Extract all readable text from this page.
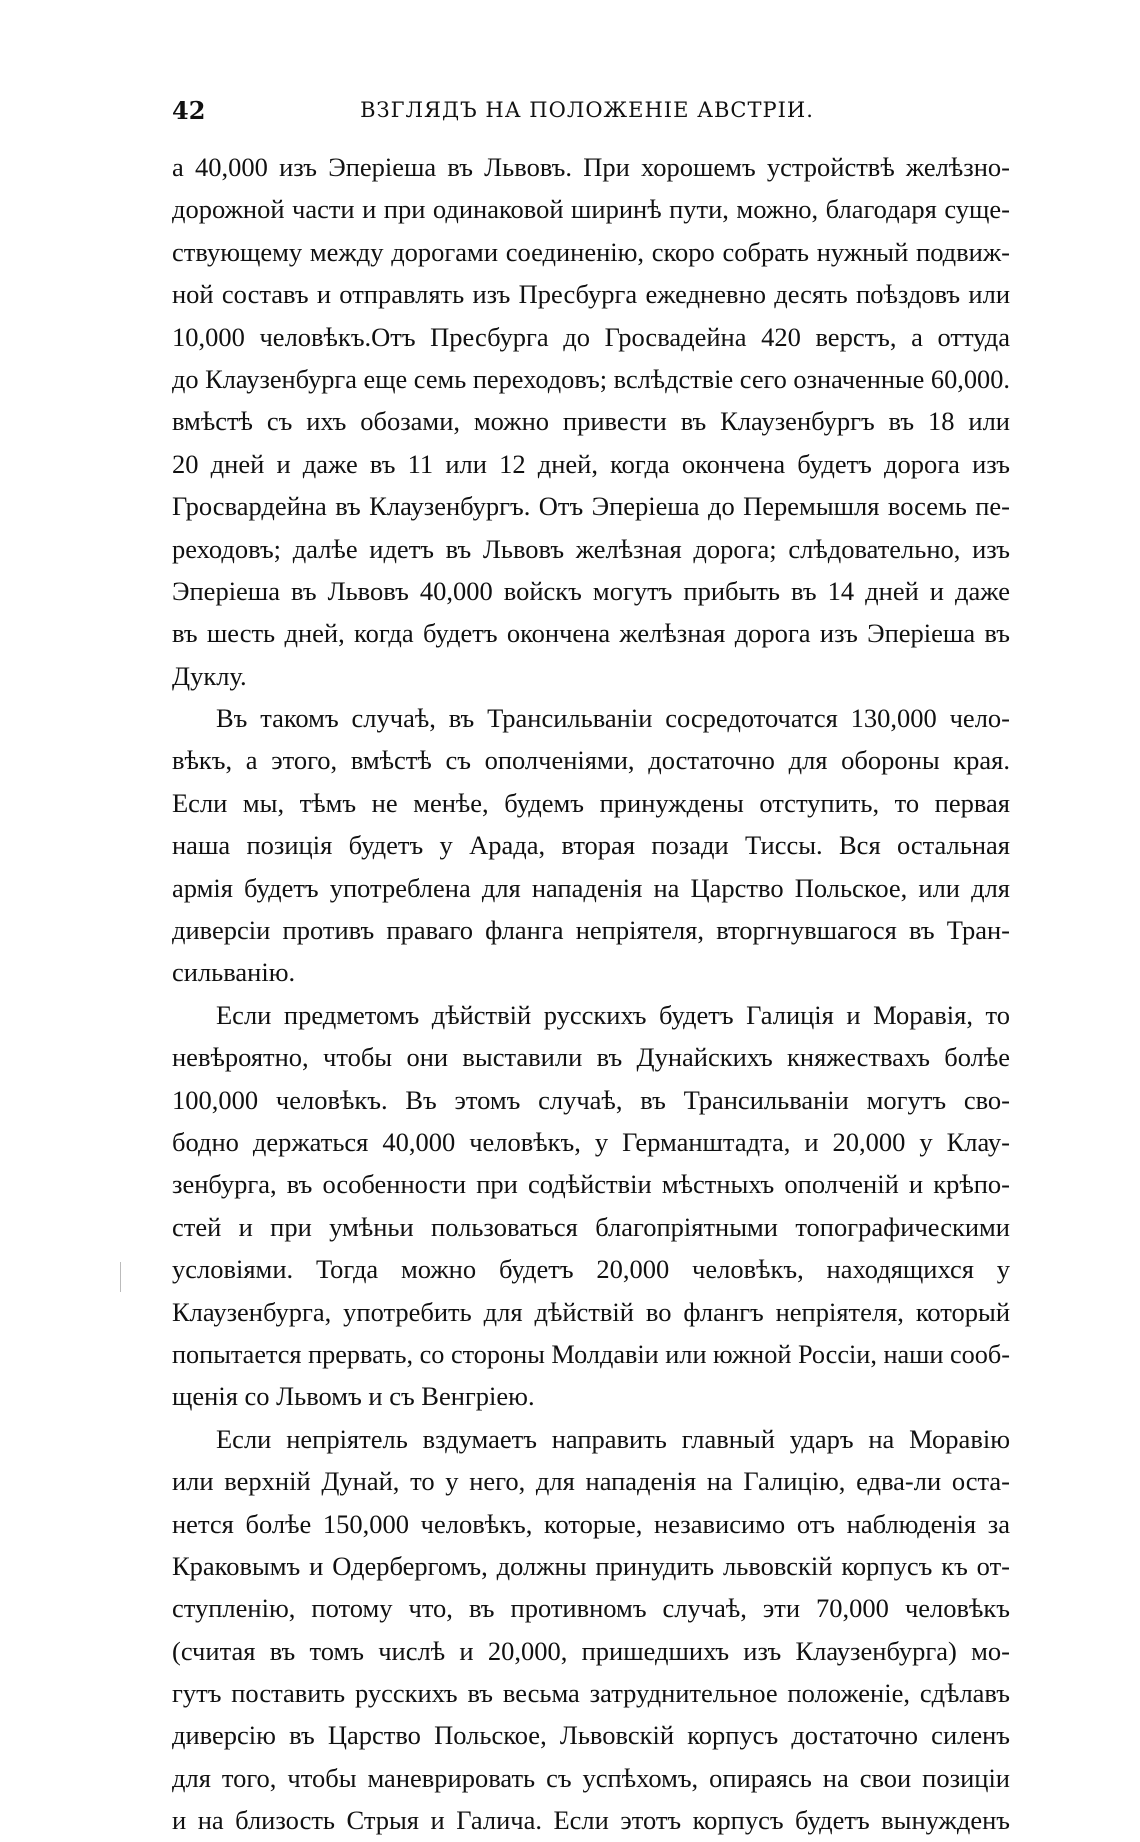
42	ВЗГЛЯДЪ НА ПОЛОЖЕНІЕ АВСТРІИ.
а 40,000 изъ Эперіеша въ Львовъ. При хорошемъ устройствѣ желѣзно-
дорожной части и при одинаковой ширинѣ пути, можно, благодаря суще-
ствующему между дорогами соединенію, скоро собрать нужный подвиж-
ной составъ и отправлять изъ Пресбурга ежедневно десять поѣздовъ или
10,000 человѣкъ.Отъ Пресбурга до Гросвадейна 420 верстъ, а оттуда
до Клаузенбурга еще семь переходовъ; вслѣдствіе сего означенные 60,000.
вмѣстѣ съ ихъ обозами, можно привести въ Клаузенбургъ въ 18 или
20 дней и даже въ 11 или 12 дней, когда окончена будетъ дорога изъ
Гросвардейна въ Клаузенбургъ. Отъ Эперіеша до Перемышля восемь пе-
реходовъ; далѣе идетъ въ Львовъ желѣзная дорога; слѣдовательно, изъ
Эперіеша въ Львовъ 40,000 войскъ могутъ прибыть въ 14 дней и даже
въ шесть дней, когда будетъ окончена желѣзная дорога изъ Эперіеша въ
Дуклу.
Въ такомъ случаѣ, въ Трансильваніи сосредоточатся 130,000 чело-
вѣкъ, а этого, вмѣстѣ съ ополченіями, достаточно для обороны края.
Если мы, тѣмъ не менѣе, будемъ принуждены отступить, то первая
наша позиція будетъ у Арада, вторая позади Тиссы. Вся остальная
армія будетъ употреблена для нападенія на Царство Польское, или для
диверсіи противъ праваго фланга непріятеля, вторгнувшагося въ Тран-
сильванію.
Если предметомъ дѣйствій русскихъ будетъ Галиція и Моравія, то
невѣроятно, чтобы они выставили въ Дунайскихъ княжествахъ болѣе
100,000 человѣкъ. Въ этомъ случаѣ, въ Трансильваніи могутъ сво-
бодно держаться 40,000 человѣкъ, у Германштадта, и 20,000 у Клау-
зенбурга, въ особенности при содѣйствіи мѣстныхъ ополченій и крѣпо-
стей и при умѣньи пользоваться благопріятными топографическими
условіями. Тогда можно будетъ 20,000 человѣкъ, находящихся у
Клаузенбурга, употребить для дѣйствій во флангъ непріятеля, который
попытается прервать, со стороны Молдавіи или южной Россіи, наши сооб-
щенія со Львомъ и съ Венгріею.
Если непріятель вздумаетъ направить главный ударъ на Моравію
или верхній Дунай, то у него, для нападенія на Галицію, едва-ли оста-
нется болѣе 150,000 человѣкъ, которые, независимо отъ наблюденія за
Краковымъ и Одербергомъ, должны принудить львовскій корпусъ къ от-
ступленію, потому что, въ противномъ случаѣ, эти 70,000 человѣкъ
(считая въ томъ числѣ и 20,000, пришедшихъ изъ Клаузенбурга) мо-
гутъ поставить русскихъ въ весьма затруднительное положеніе, сдѣлавъ
диверсію въ Царство Польское, Львовскій корпусъ достаточно силенъ
для того, чтобы маневрировать съ успѣхомъ, опираясь на свои позиціи
и на близость Стрыя и Галича. Если этотъ корпусъ будетъ вынужденъ
